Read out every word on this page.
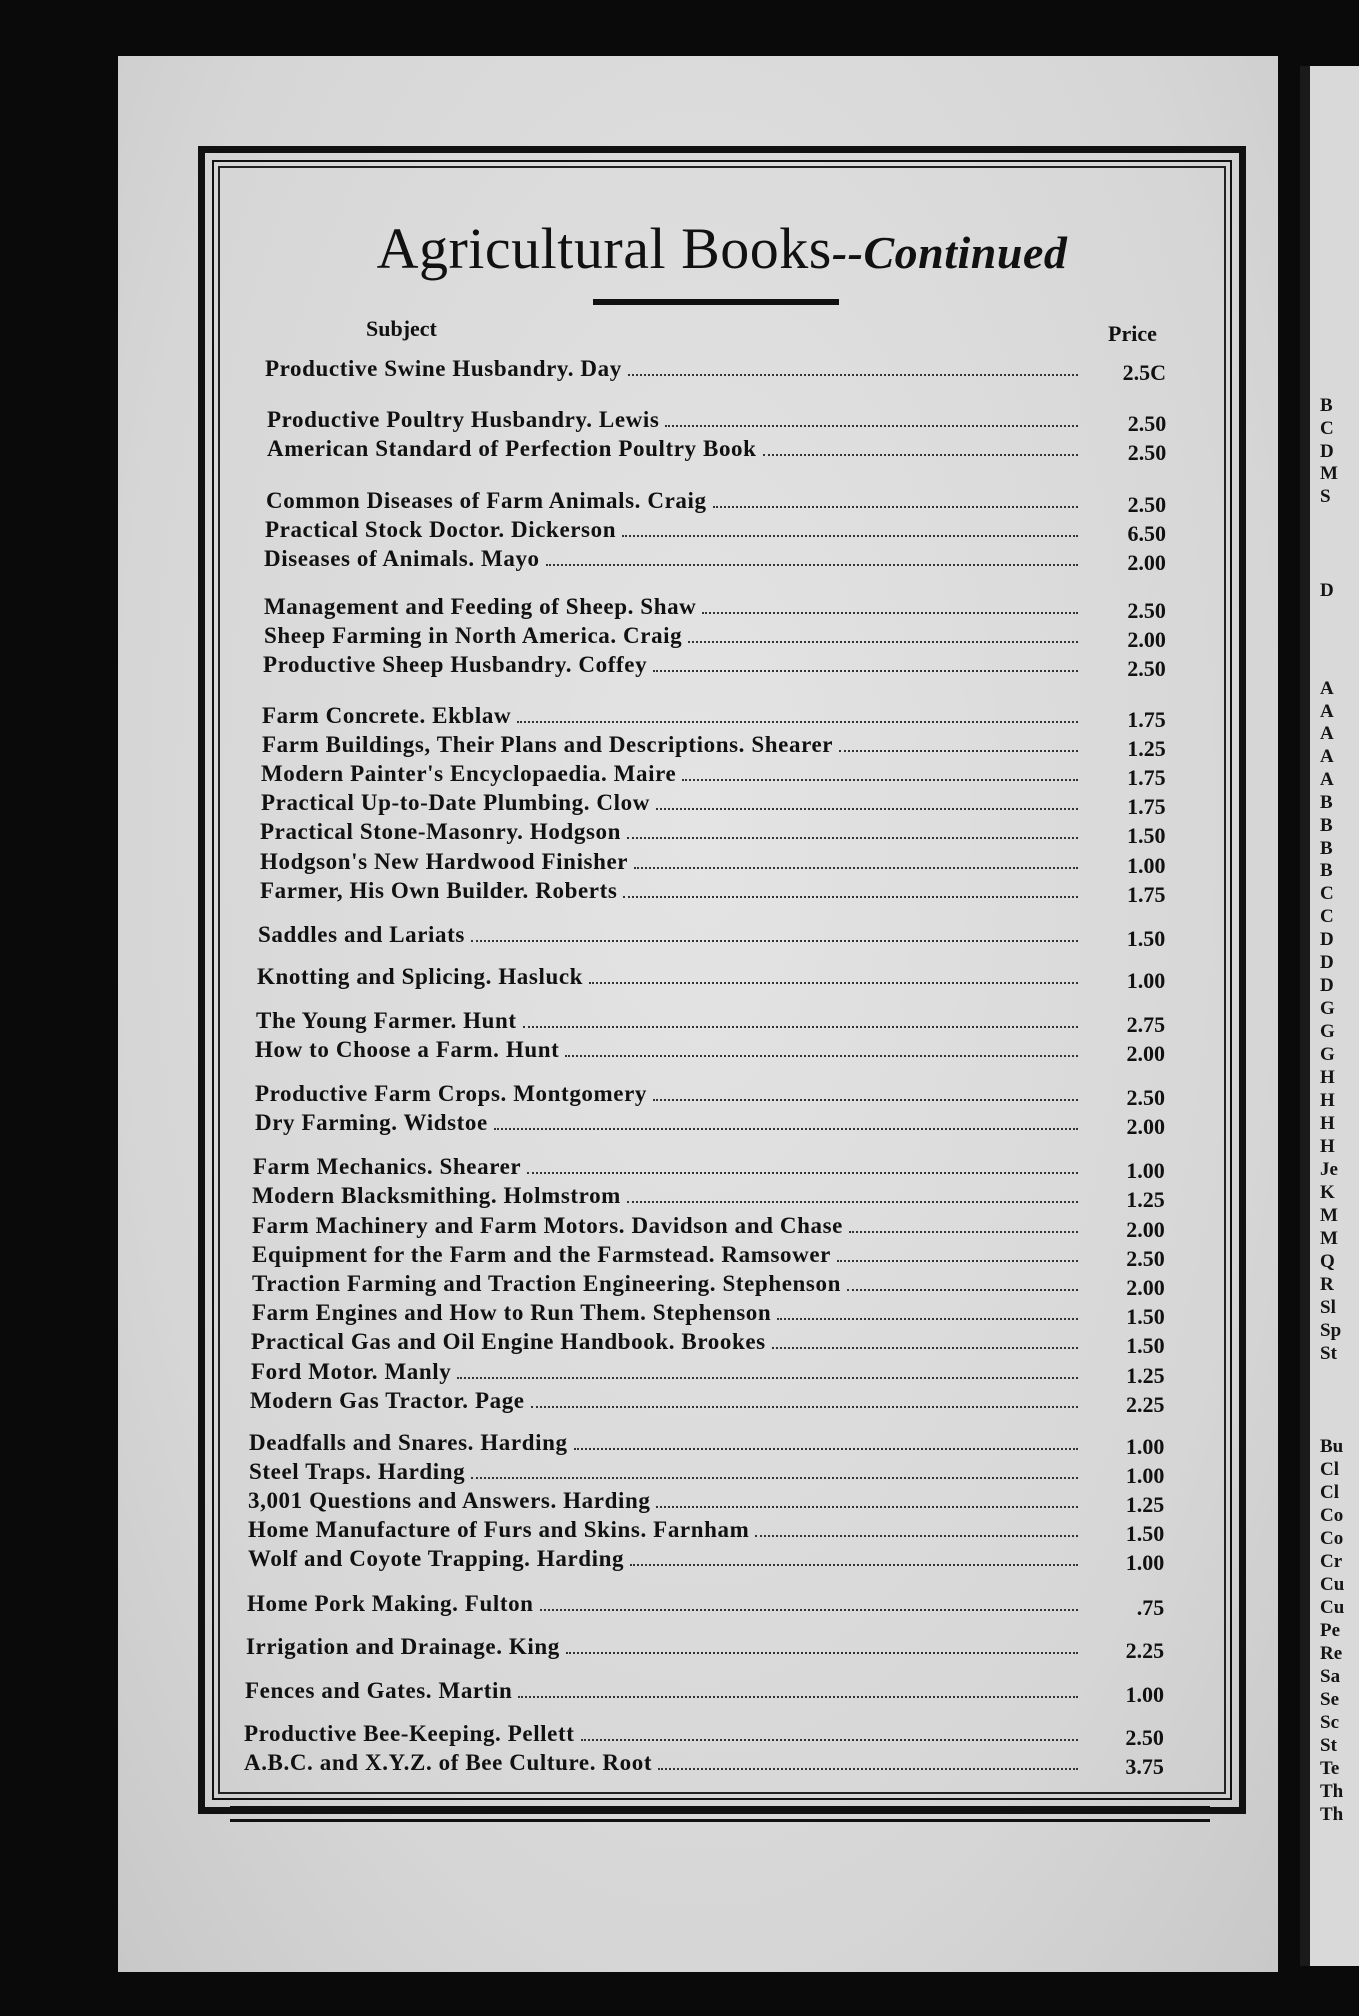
B
C
D
M
S
D
A
A
A
A
A
B
B
B
B
C
C
D
D
D
G
G
G
H
H
H
H
Je
K
M
M
Q
R
Sl
Sp
St
Bu
Cl
Cl
Co
Co
Cr
Cu
Cu
Pe
Re
Sa
Se
Sc
St
Te
Th
Th
Agricultural Books--Continued
Subject	Price
Productive Swine Husbandry. Day	2.5C
Productive Poultry Husbandry. Lewis	2.50
American Standard of Perfection Poultry Book	2.50
Common Diseases of Farm Animals. Craig	2.50
Practical Stock Doctor. Dickerson	6.50
Diseases of Animals. Mayo	2.00
Management and Feeding of Sheep. Shaw	2.50
Sheep Farming in North America. Craig	2.00
Productive Sheep Husbandry. Coffey	2.50
Farm Concrete. Ekblaw	1.75
Farm Buildings, Their Plans and Descriptions. Shearer	1.25
Modern Painter's Encyclopaedia. Maire	1.75
Practical Up-to-Date Plumbing. Clow	1.75
Practical Stone-Masonry. Hodgson	1.50
Hodgson's New Hardwood Finisher	1.00
Farmer, His Own Builder. Roberts	1.75
Saddles and Lariats	1.50
Knotting and Splicing. Hasluck	1.00
The Young Farmer. Hunt	2.75
How to Choose a Farm. Hunt	2.00
Productive Farm Crops. Montgomery	2.50
Dry Farming. Widstoe	2.00
Farm Mechanics. Shearer	1.00
Modern Blacksmithing. Holmstrom	1.25
Farm Machinery and Farm Motors. Davidson and Chase	2.00
Equipment for the Farm and the Farmstead. Ramsower	2.50
Traction Farming and Traction Engineering. Stephenson	2.00
Farm Engines and How to Run Them. Stephenson	1.50
Practical Gas and Oil Engine Handbook. Brookes	1.50
Ford Motor. Manly	1.25
Modern Gas Tractor. Page	2.25
Deadfalls and Snares. Harding	1.00
Steel Traps. Harding	1.00
3,001 Questions and Answers. Harding	1.25
Home Manufacture of Furs and Skins. Farnham	1.50
Wolf and Coyote Trapping. Harding	1.00
Home Pork Making. Fulton	.75
Irrigation and Drainage. King	2.25
Fences and Gates. Martin	1.00
Productive Bee-Keeping. Pellett	2.50
A.B.C. and X.Y.Z. of Bee Culture. Root	3.75
